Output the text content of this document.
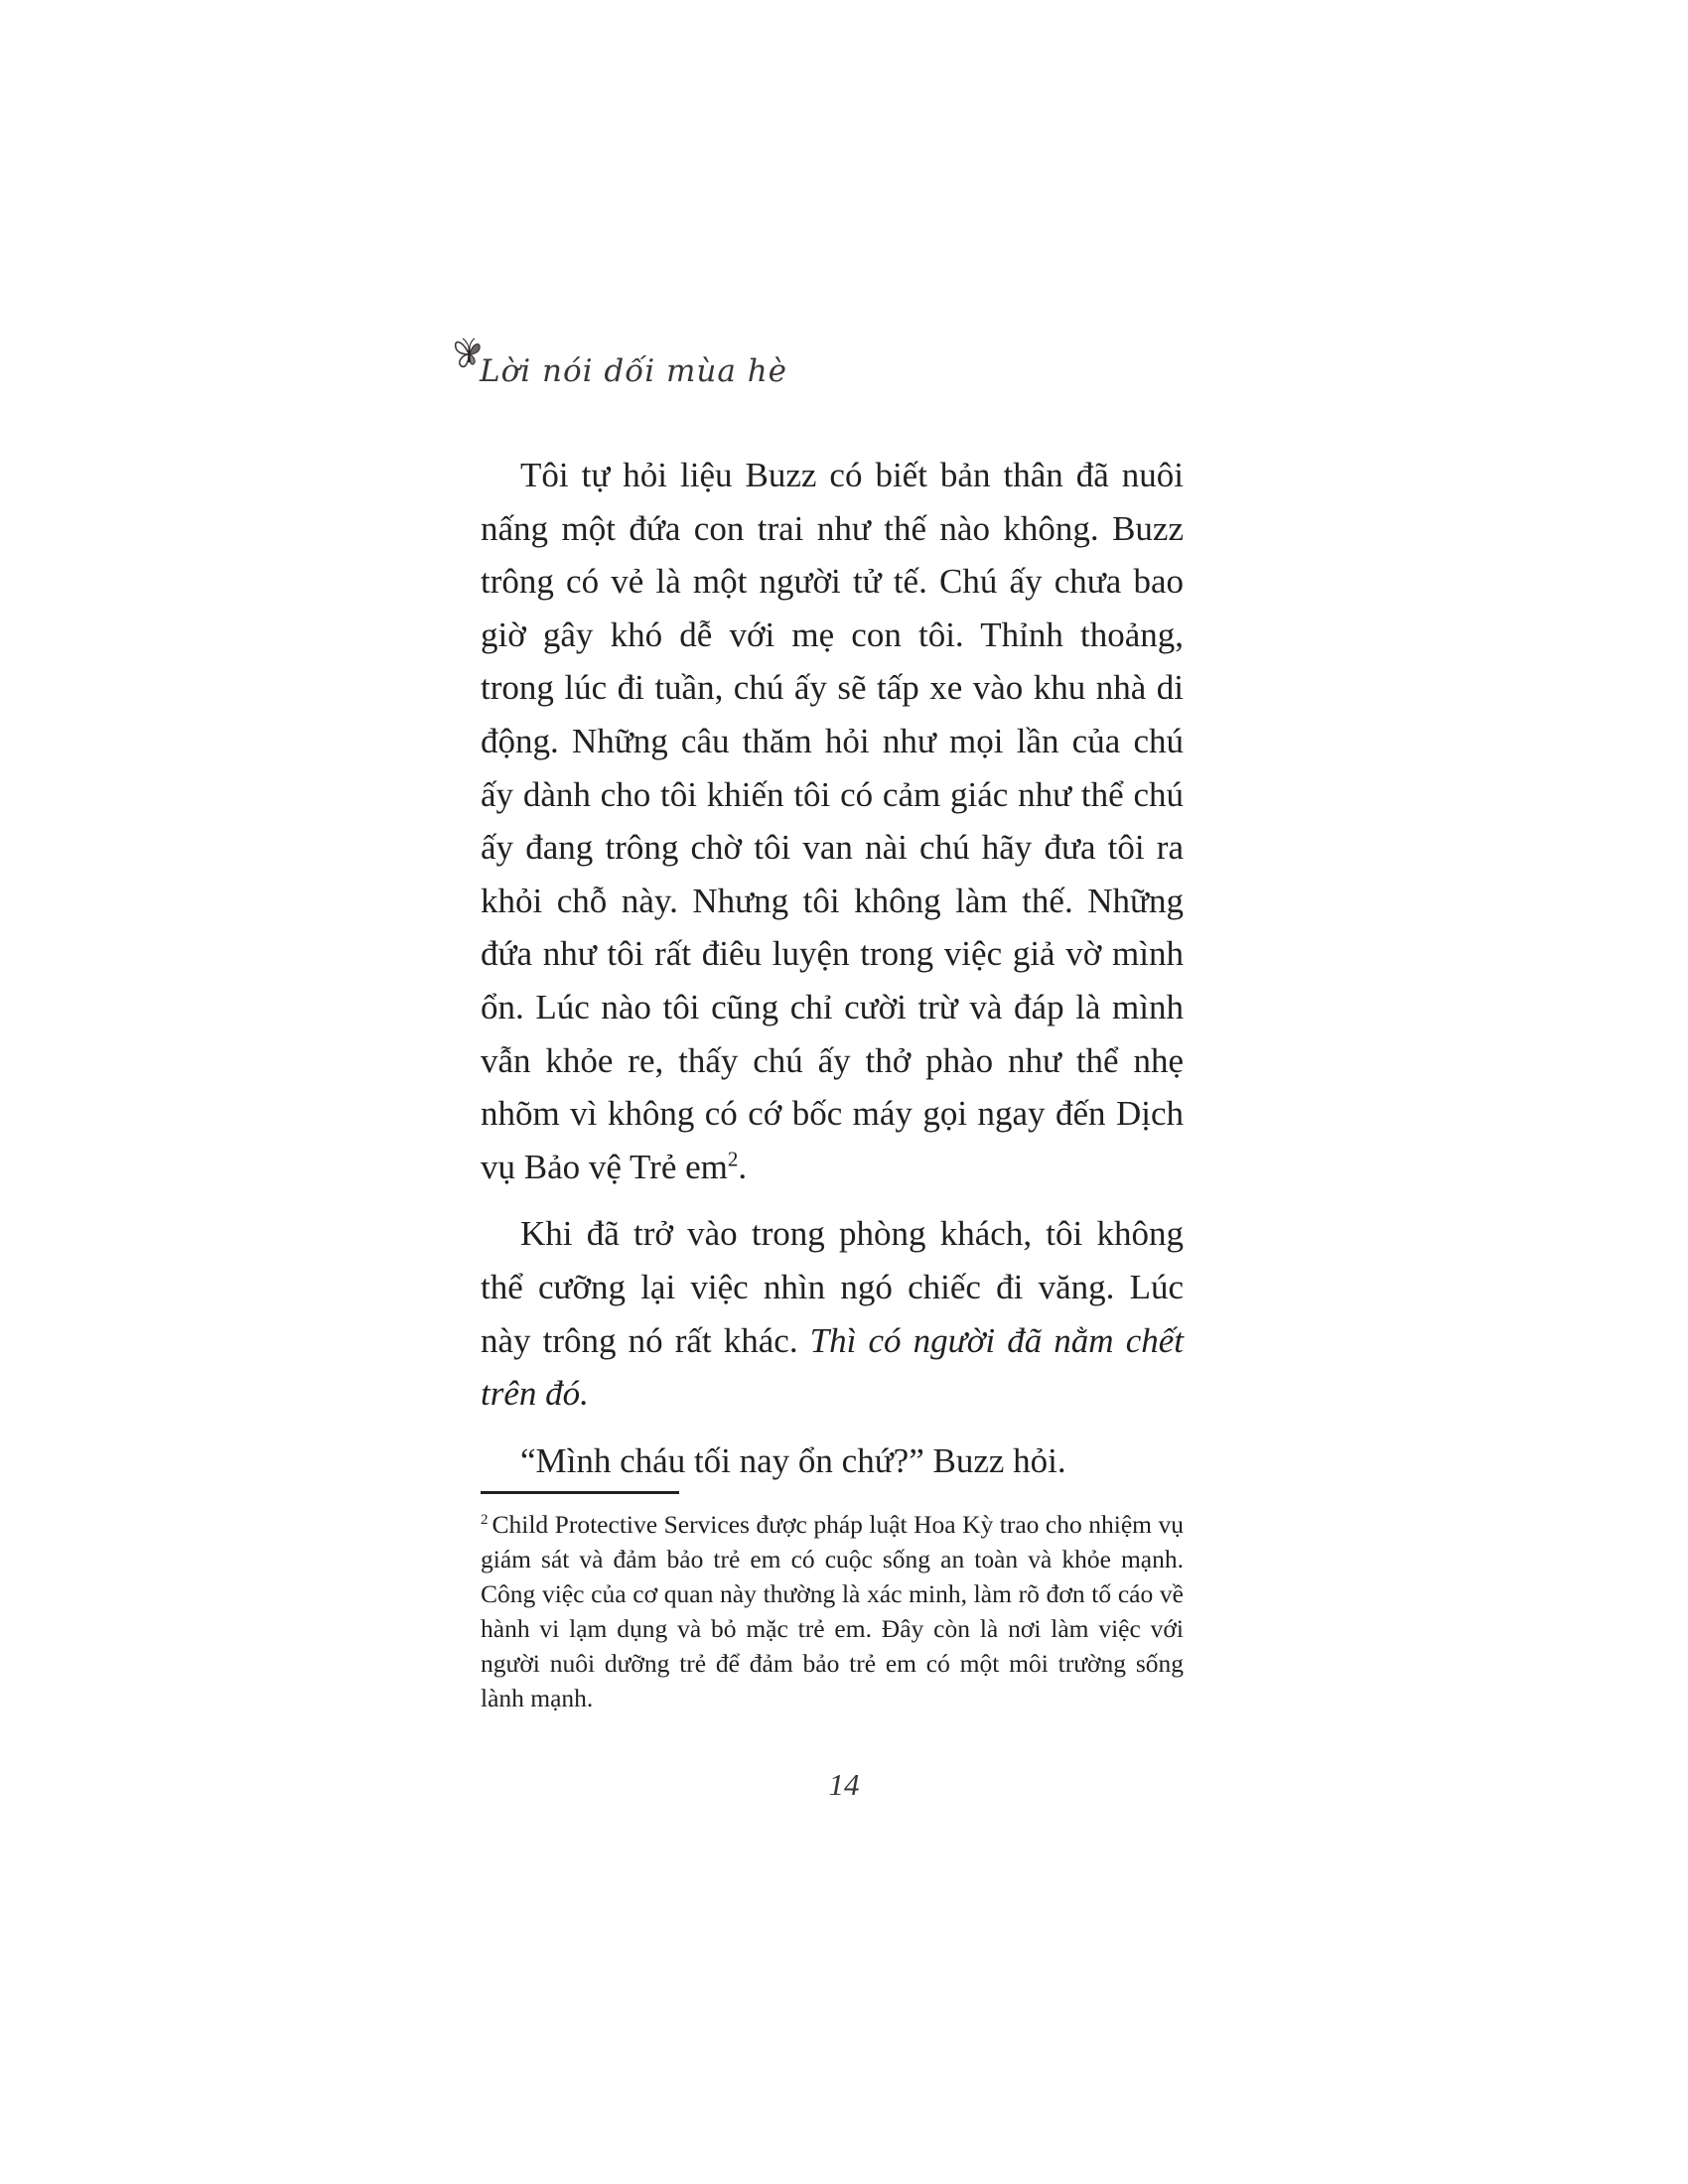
Lời nói dối mùa hè

Tôi tự hỏi liệu Buzz có biết bản thân đã nuôi nấng một đứa con trai như thế nào không. Buzz trông có vẻ là một người tử tế. Chú ấy chưa bao giờ gây khó dễ với mẹ con tôi. Thỉnh thoảng, trong lúc đi tuần, chú ấy sẽ tấp xe vào khu nhà di động. Những câu thăm hỏi như mọi lần của chú ấy dành cho tôi khiến tôi có cảm giác như thể chú ấy đang trông chờ tôi van nài chú hãy đưa tôi ra khỏi chỗ này. Nhưng tôi không làm thế. Những đứa như tôi rất điêu luyện trong việc giả vờ mình ổn. Lúc nào tôi cũng chỉ cười trừ và đáp là mình vẫn khỏe re, thấy chú ấy thở phào như thể nhẹ nhõm vì không có cớ bốc máy gọi ngay đến Dịch vụ Bảo vệ Trẻ $em^2$.

Khi đã trở vào trong phòng khách, tôi không thể cưỡng lại việc nhìn ngó chiếc đi văng. Lúc này trông nó rất khác. Thì có người đã nằm chết trên đó.

“Mình cháu tối nay ổn chứ?” Buzz hỏi.

$^2$ Child Protective Services được pháp luật Hoa Kỳ trao cho nhiệm vụ giám sát và đảm bảo trẻ em có cuộc sống an toàn và khỏe mạnh. Công việc của cơ quan này thường là xác minh, làm rõ đơn tố cáo về hành vi lạm dụng và bỏ mặc trẻ em. Đây còn là nơi làm việc với người nuôi dưỡng trẻ để đảm bảo trẻ em có một môi trường sống lành mạnh.

14
